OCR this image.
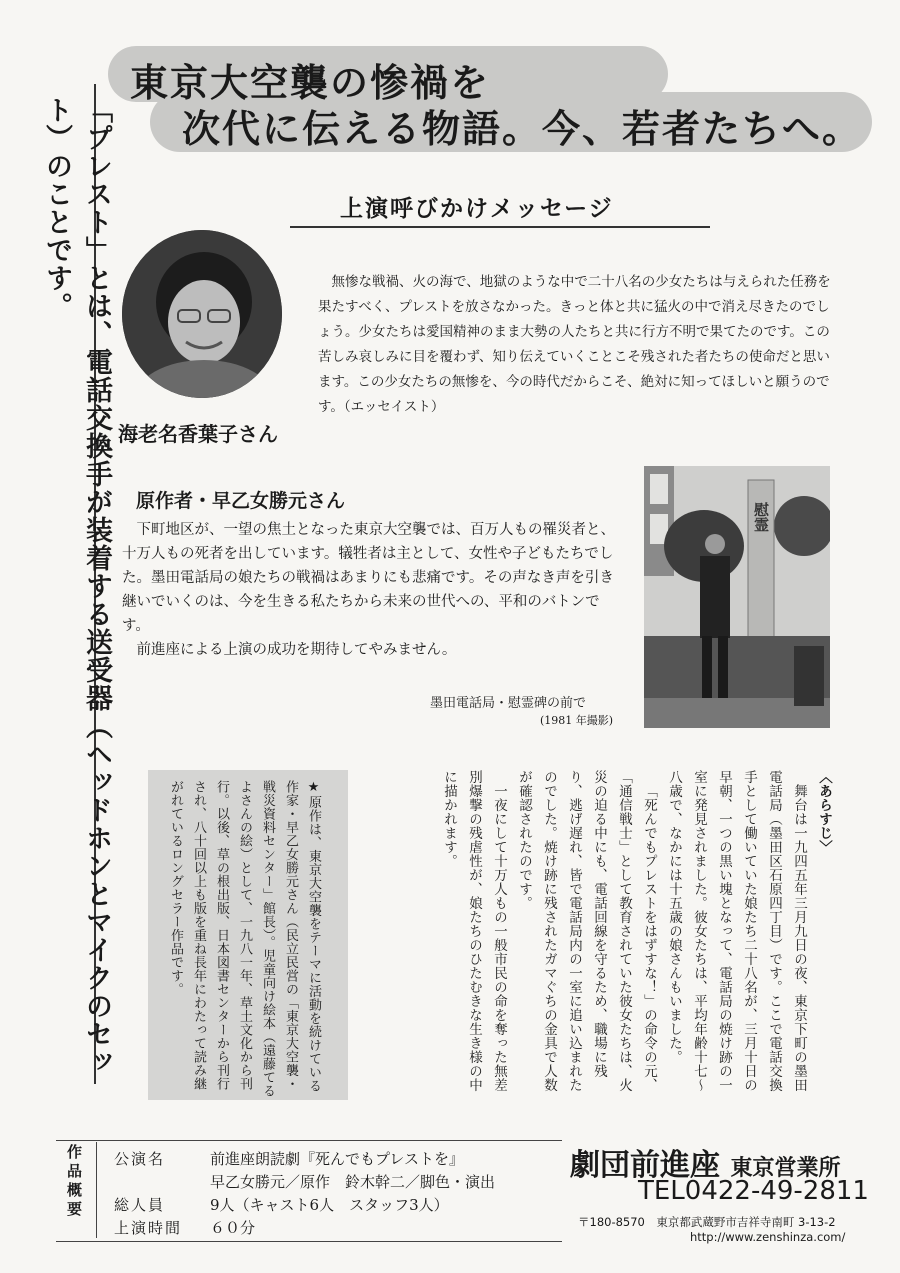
東京大空襲の惨禍を
次代に伝える物語。今、若者たちへ。
「プレスト」とは、電話交換手が装着する送受器（ヘッドホンとマイクのセット）のことです。	上演呼びかけメッセージ
海老名香葉子さん
無惨な戦禍、火の海で、地獄のような中で二十八名の少女たちは与えられた任務を果たすべく、プレストを放さなかった。きっと体と共に猛火の中で消え尽きたのでしょう。少女たちは愛国精神のまま大勢の人たちと共に行方不明で果てたのです。この苦しみ哀しみに目を覆わず、知り伝えていくことこそ残された者たちの使命だと思います。この少女たちの無惨を、今の時代だからこそ、絶対に知ってほしいと願うのです。（エッセイスト）
原作者・早乙女勝元さん

下町地区が、一望の焦土となった東京大空襲では、百万人もの罹災者と、十万人もの死者を出しています。犠牲者は主として、女性や子どもたちでした。墨田電話局の娘たちの戦禍はあまりにも悲痛です。その声なき声を引き継いでいくのは、今を生きる私たちから未来の世代への、平和のバトンです。

前進座による上演の成功を期待してやみません。

慰霊
墨田電話局・慰霊碑の前で
(1981 年撮影)
★原作は、東京大空襲をテーマに活動を続けている作家・早乙女勝元さん（民立民営の「東京大空襲・戦災資料センター」館長）。児童向け絵本（遠藤てるよさんの絵）として、一九八一年、草土文化から刊行。以後、草の根出版、日本図書センターから刊行され、八十回以上も版を重ね長年にわたって読み継がれているロングセラー作品です。	〈あらすじ〉

舞台は一九四五年三月九日の夜、東京下町の墨田電話局（墨田区石原四丁目）です。ここで電話交換手として働いていた娘たち二十八名が、三月十日の早朝、一つの黒い塊となって、電話局の焼け跡の一室に発見されました。彼女たちは、平均年齢十七〜八歳で、なかには十五歳の娘さんもいました。

「死んでもプレストをはずすな！」の命令の元、「通信戦士」として教育されていた彼女たちは、火災の迫る中にも、電話回線を守るため、職場に残り、逃げ遅れ、皆で電話局内の一室に追い込まれたのでした。焼け跡に残されたガマぐちの金具で人数が確認されたのです。

一夜にして十万人もの一般市民の命を奪った無差別爆撃の残虐性が、娘たちのひたむきな生き様の中に描かれます。

作品概要 公演名	前進座朗読劇『死んでもプレストを』
早乙女勝元／原作　鈴木幹二／脚色・演出
総人員	9人（キャスト6人　スタッフ3人）
上演時間 ６０分
劇団前進座 東京営業所
TEL0422-49-2811
〒180-8570　東京都武蔵野市吉祥寺南町 3-13-2
http://www.zenshinza.com/
